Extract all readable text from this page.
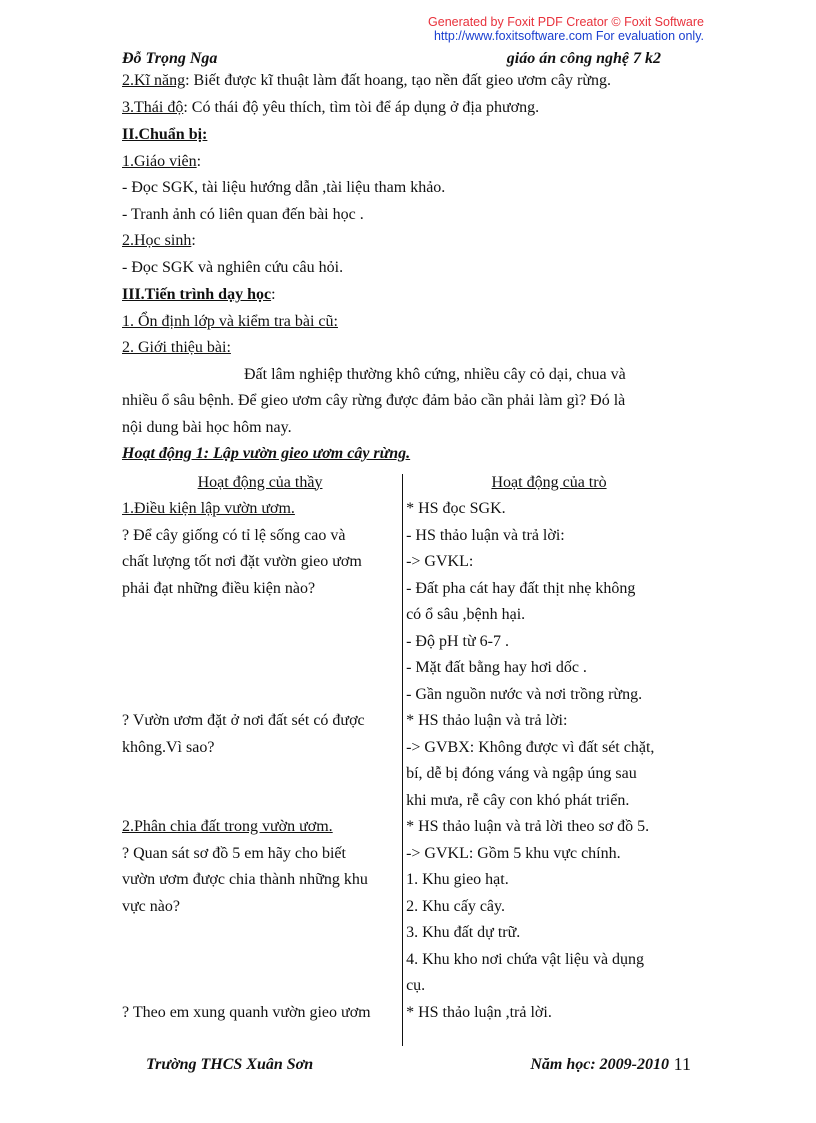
Generated by Foxit PDF Creator © Foxit Software
http://www.foxitsoftware.com For evaluation only.
Đỗ Trọng Nga	giáo án công nghệ 7 k2
2.Kĩ năng: Biết được kĩ thuật làm đất hoang, tạo nền đất gieo ươm cây rừng.
3.Thái độ: Có thái độ yêu thích, tìm tòi để áp dụng ở địa phương.
II.Chuẩn bị:
1.Giáo viên:
- Đọc SGK, tài liệu hướng dẫn ,tài liệu tham khảo.
- Tranh ảnh có liên quan đến bài học .
2.Học sinh:
- Đọc SGK và nghiên cứu câu hỏi.
III.Tiến trình dạy học:
1. Ổn định lớp và kiểm tra bài cũ:
2. Giới thiệu bài:
Đất lâm nghiệp thường khô cứng, nhiều cây cỏ dại, chua và
nhiều ổ sâu bệnh. Để gieo ươm cây rừng được đảm bảo cần phải làm gì? Đó là
nội dung bài học hôm nay.
Hoạt động 1: Lập vườn gieo ươm cây rừng.
Hoạt động của thầy
1.Điều kiện lập vườn ươm.
? Để cây giống có tỉ lệ sống cao và
chất lượng tốt nơi đặt vườn gieo ươm
phải đạt những điều kiện nào?
? Vườn ươm đặt ở nơi đất sét có được
không.Vì sao?
2.Phân chia đất trong vườn ươm.
? Quan sát sơ đồ 5 em hãy cho biết
vườn ươm được chia thành những khu
vực nào?
? Theo em xung quanh vườn gieo ươm
Hoạt động của trò
* HS đọc SGK.
- HS thảo luận và trả lời:
-> GVKL:
- Đất pha cát hay đất thịt nhẹ không
có ổ sâu ,bệnh hại.
- Độ pH từ 6-7 .
- Mặt đất bằng hay hơi dốc .
- Gần nguồn nước và nơi trồng rừng.
* HS thảo luận và trả lời:
-> GVBX: Không được vì đất sét chặt,
bí, dễ bị đóng váng và ngập úng sau
khi mưa, rễ cây con khó phát triển.
* HS thảo luận và trả lời theo sơ đồ 5.
-> GVKL: Gồm 5 khu vực chính.
1. Khu gieo hạt.
2. Khu cấy cây.
3. Khu đất dự trữ.
4. Khu kho nơi chứa vật liệu và dụng
cụ.
* HS thảo luận ,trả lời.
Trường THCS Xuân Sơn	Năm học: 2009-2010 11
